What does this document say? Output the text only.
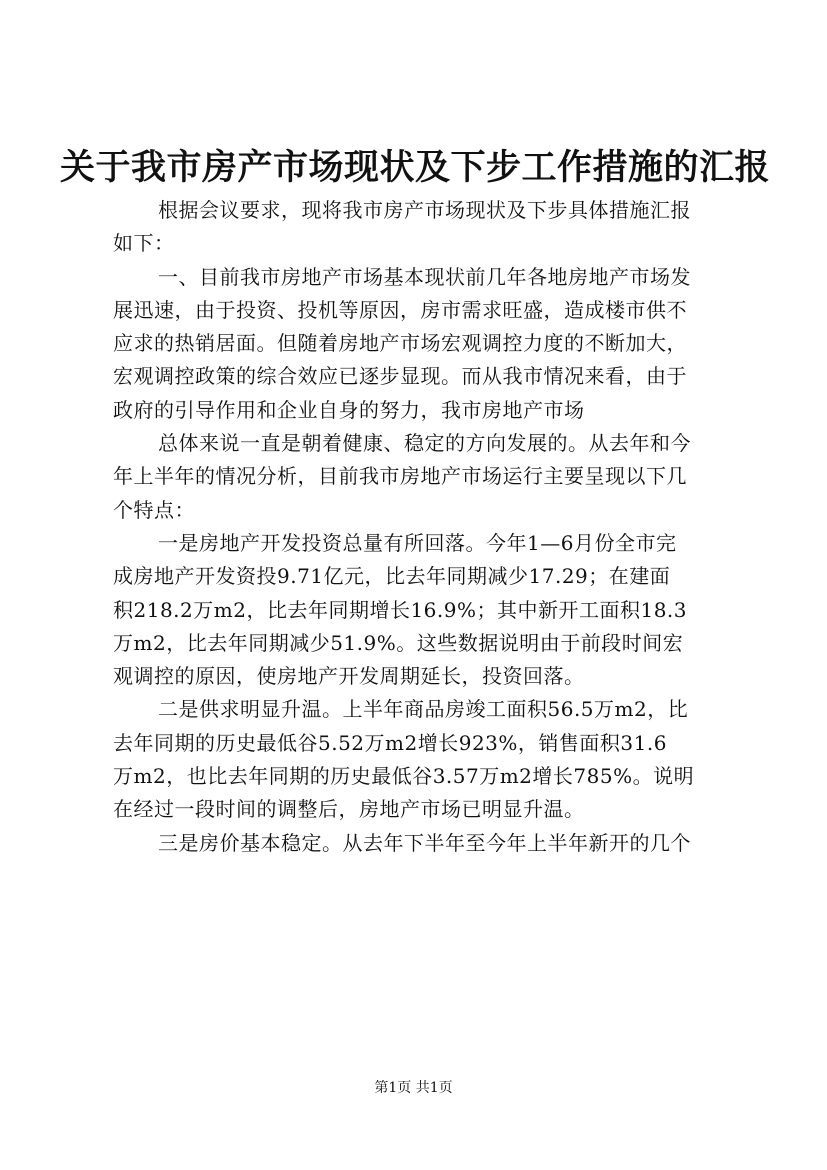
关于我市房产市场现状及下步工作措施的汇报

根据会议要求，现将我市房产市场现状及下步具体措施汇报
如下：

一、目前我市房地产市场基本现状前几年各地房地产市场发
展迅速，由于投资、投机等原因，房市需求旺盛，造成楼市供不
应求的热销居面。但随着房地产市场宏观调控力度的不断加大，
宏观调控政策的综合效应已逐步显现。而从我市情况来看，由于
政府的引导作用和企业自身的努力，我市房地产市场

总体来说一直是朝着健康、稳定的方向发展的。从去年和今
年上半年的情况分析，目前我市房地产市场运行主要呈现以下几
个特点：

一是房地产开发投资总量有所回落。今年1—6月份全市完
成房地产开发资投9.71亿元，比去年同期减少17.29；在建面
积218.2万m2，比去年同期增长16.9%；其中新开工面积18.3
万m2，比去年同期减少51.9%。这些数据说明由于前段时间宏
观调控的原因，使房地产开发周期延长，投资回落。

二是供求明显升温。上半年商品房竣工面积56.5万m2，比
去年同期的历史最低谷5.52万m2增长923%，销售面积31.6
万m2，也比去年同期的历史最低谷3.57万m2增长785%。说明
在经过一段时间的调整后，房地产市场已明显升温。

三是房价基本稳定。从去年下半年至今年上半年新开的几个

第1页 共1页
